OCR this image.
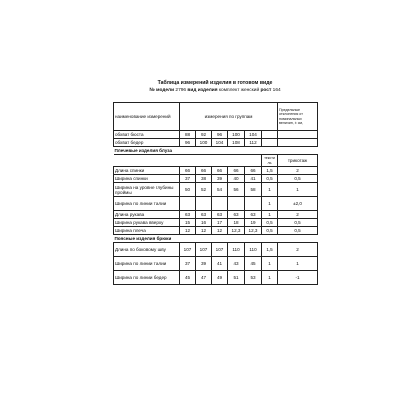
Таблица измерений изделия в готовом виде
№ модели 2796 вид изделия комплект женский рост 164
наименование измерений	измерения по группам						Предельные отклонения от номинальных величин, ± см,
обхват бюста	88	92	96	100	104		
обхват бедер	96	100	104	108	112		
Плечевые изделия блуза							
						тексти ль	трикотаж
Длина спинки	66	66	66	66	66	1,5	2
Ширина спинки	37	38	39	40	41	0,5	0,5
Ширина на уровне глубины проймы	50	52	54	56	58	1	1
Ширина по линии талии						1	±2,0
Длина рукава	63	63	63	63	63	1	2
Ширина рукава вверху	15	16	17	18	19	0,5	0,5
Ширина плеча	12	12	12	12,3	12,3	0,5	0,5
Поясные изделия брюки							
Длина по боковому шву	107	107	107	110	110	1,5	2
Ширина по линии талии	37	39	41	43	45	1	1
Ширина по линии бедер	45	47	49	51	53	1	-1
